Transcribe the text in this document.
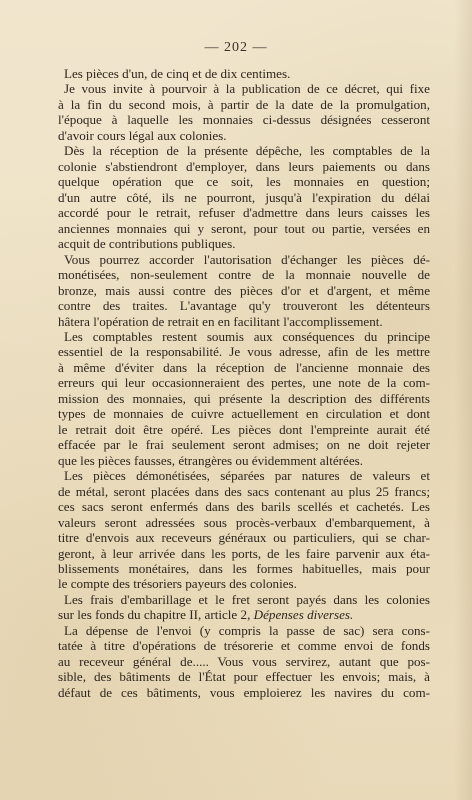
— 202 —
Les pièces d'un, de cinq et de dix centimes.
Je vous invite à pourvoir à la publication de ce décret, qui fixe
à la fin du second mois, à partir de la date de la promulgation,
l'époque à laquelle les monnaies ci-dessus désignées cesseront
d'avoir cours légal aux colonies.
Dès la réception de la présente dépêche, les comptables de la
colonie s'abstiendront d'employer, dans leurs paiements ou dans
quelque opération que ce soit, les monnaies en question;
d'un autre côté, ils ne pourront, jusqu'à l'expiration du délai
accordé pour le retrait, refuser d'admettre dans leurs caisses les
anciennes monnaies qui y seront, pour tout ou partie, versées en
acquit de contributions publiques.
Vous pourrez accorder l'autorisation d'échanger les pièces dé-
monétisées, non-seulement contre de la monnaie nouvelle de
bronze, mais aussi contre des pièces d'or et d'argent, et même
contre des traites. L'avantage qu'y trouveront les détenteurs
hâtera l'opération de retrait en en facilitant l'accomplissement.
Les comptables restent soumis aux conséquences du principe
essentiel de la responsabilité. Je vous adresse, afin de les mettre
à même d'éviter dans la réception de l'ancienne monnaie des
erreurs qui leur occasionneraient des pertes, une note de la com-
mission des monnaies, qui présente la description des différents
types de monnaies de cuivre actuellement en circulation et dont
le retrait doit être opéré. Les pièces dont l'empreinte aurait été
effacée par le frai seulement seront admises; on ne doit rejeter
que les pièces fausses, étrangères ou évidemment altérées.
Les pièces démonétisées, séparées par natures de valeurs et
de métal, seront placées dans des sacs contenant au plus 25 francs;
ces sacs seront enfermés dans des barils scellés et cachetés. Les
valeurs seront adressées sous procès-verbaux d'embarquement, à
titre d'envois aux receveurs généraux ou particuliers, qui se char-
geront, à leur arrivée dans les ports, de les faire parvenir aux éta-
blissements monétaires, dans les formes habituelles, mais pour
le compte des trésoriers payeurs des colonies.
Les frais d'embarillage et le fret seront payés dans les colonies
sur les fonds du chapitre II, article 2, Dépenses diverses.
La dépense de l'envoi (y compris la passe de sac) sera cons-
tatée à titre d'opérations de trésorerie et comme envoi de fonds
au receveur général de..... Vous vous servirez, autant que pos-
sible, des bâtiments de l'État pour effectuer les envois; mais, à
défaut de ces bâtiments, vous emploierez les navires du com-
